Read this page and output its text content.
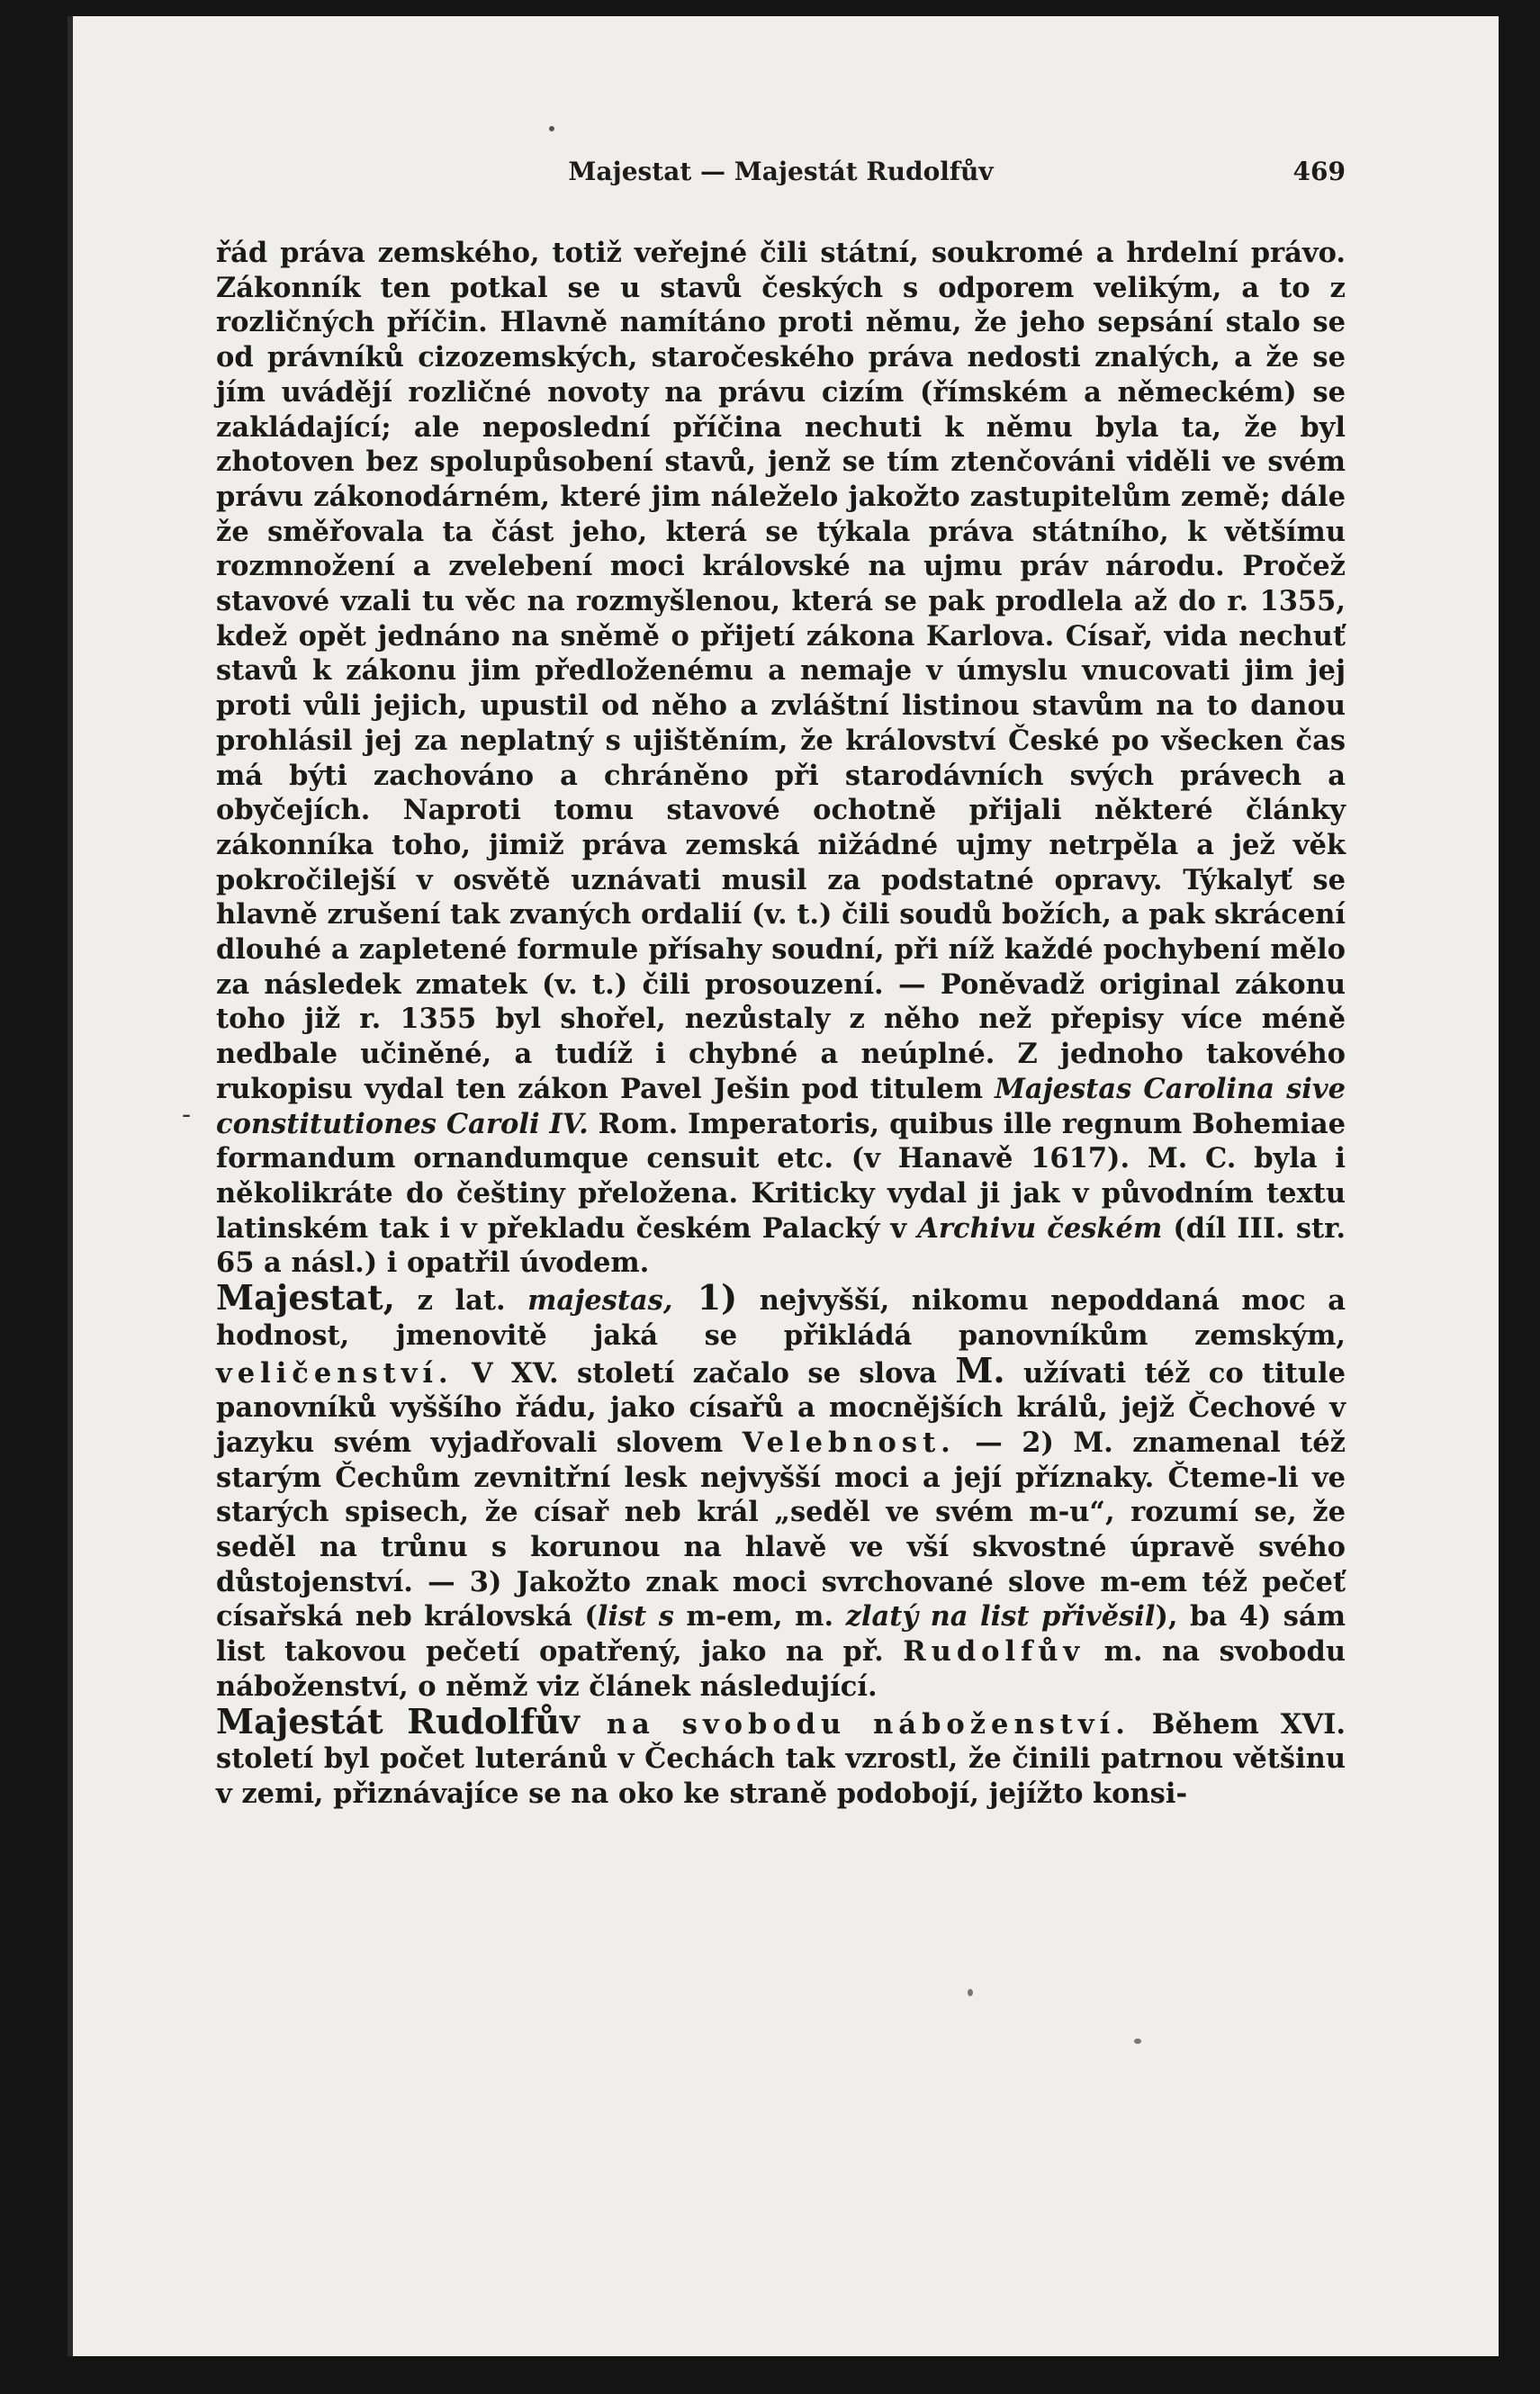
Majestat — Majestát Rudolfův	469
-

řád práva zemského, totiž veřejné čili státní, soukromé a hrdelní právo. Zákonník ten potkal se u stavů českých s odporem velikým, a to z rozličných příčin. Hlavně namítáno proti němu, že jeho sepsání stalo se od právníků cizozemských, staročeského práva nedosti znalých, a že se jím uvádějí rozličné novoty na právu cizím (římském a německém) se zakládající; ale neposlední příčina nechuti k němu byla ta, že byl zhotoven bez spolupůsobení stavů, jenž se tím ztenčováni viděli ve svém právu zákonodárném, které jim náleželo jakožto zastupitelům země; dále že směřovala ta část jeho, která se týkala práva státního, k většímu rozmnožení a zvelebení moci královské na ujmu práv národu. Pročež stavové vzali tu věc na rozmyšlenou, která se pak prodlela až do r. 1355, kdež opět jednáno na sněmě o přijetí zákona Karlova. Císař, vida nechuť stavů k zákonu jim předloženému a nemaje v úmyslu vnucovati jim jej proti vůli jejich, upustil od něho a zvláštní listinou stavům na to danou prohlásil jej za neplatný s ujištěním, že království České po všecken čas má býti zachováno a chráněno při starodávních svých právech a obyčejích. Naproti tomu stavové ochotně přijali některé články zákonníka toho, jimiž práva zemská nižádné ujmy netrpěla a jež věk pokročilejší v osvětě uznávati musil za podstatné opravy. Týkalyť se hlavně zrušení tak zvaných ordalií (v. t.) čili soudů božích, a pak skrácení dlouhé a zapletené formule přísahy soudní, při níž každé pochybení mělo za následek zmatek (v. t.) čili prosouzení. — Poněvadž original zákonu toho již r. 1355 byl shořel, nezůstaly z něho než přepisy více méně nedbale učiněné, a tudíž i chybné a neúplné. Z jednoho takového rukopisu vydal ten zákon Pavel Ješin pod titulem Majestas Carolina sive constitutiones Caroli IV. Rom. Imperatoris, quibus ille regnum Bohemiae formandum ornandumque censuit etc. (v Hanavě 1617). M. C. byla i několikráte do češtiny přeložena. Kriticky vydal ji jak v původním textu latinském tak i v překladu českém Palacký v Archivu českém (díl III. str. 65 a násl.) i opatřil úvodem.

Majestat, z lat. majestas, 1) nejvyšší, nikomu nepoddaná moc a hodnost, jmenovitě jaká se přikládá panovníkům zemským, veličenství. V XV. století začalo se slova M. užívati též co titule panovníků vyššího řádu, jako císařů a mocnějších králů, jejž Čechové v jazyku svém vyjadřovali slovem Velebnost. — 2) M. znamenal též starým Čechům zevnitřní lesk nejvyšší moci a její příznaky. Čteme-li ve starých spisech, že císař neb král „seděl ve svém m-u“, rozumí se, že seděl na trůnu s korunou na hlavě ve vší skvostné úpravě svého důstojenství. — 3) Jakožto znak moci svrchované slove m-em též pečeť císařská neb královská (list s m-em, m. zlatý na list přivěsil), ba 4) sám list takovou pečetí opatřený, jako na př. Rudolfův m. na svobodu náboženství, o němž viz článek následující.

Majestát Rudolfův na svobodu náboženství. Během XVI. století byl počet luteránů v Čechách tak vzrostl, že činili patrnou většinu v zemi, přiznávajíce se na oko ke straně podobojí, jejížto konsi-
